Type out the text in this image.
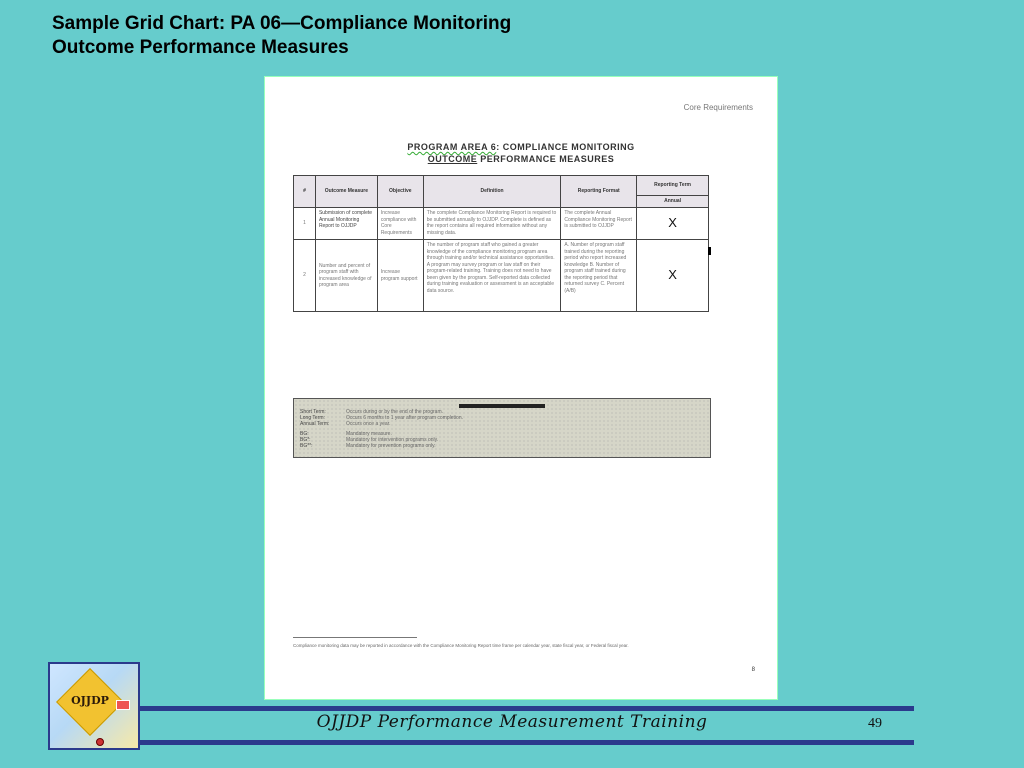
Sample Grid Chart: PA 06—Compliance Monitoring
Outcome Performance Measures
Core Requirements
PROGRAM AREA 6: COMPLIANCE MONITORING
OUTCOME PERFORMANCE MEASURES
#	Outcome Measure	Objective	Definition	Reporting Format	Reporting Term
					Annual
1	Submission of complete Annual Monitoring Report to OJJDP	Increase compliance with Core Requirements	The complete Compliance Monitoring Report is required to be submitted annually to OJJDP. Complete is defined as the report contains all required information without any missing data.	The complete Annual Compliance Monitoring Report is submitted to OJJDP	X
2	Number and percent of program staff with increased knowledge of program area	Increase program support	The number of program staff who gained a greater knowledge of the compliance monitoring program area through training and/or technical assistance opportunities. A program may survey program or law staff on their program-related training. Training does not need to have been given by the program. Self-reported data collected during training evaluation or assessment is an acceptable data source.	A. Number of program staff trained during the reporting period who report increased knowledge B. Number of program staff trained during the reporting period that returned survey C. Percent (A/B)	X
Short Term:	Occurs during or by the end of the program.
Long Term:	Occurs 6 months to 1 year after program completion.
Annual Term:	Occurs once a year.
BG:	Mandatory measure.
BG*:	Mandatory for intervention programs only.
BG**:	Mandatory for prevention programs only.
Compliance monitoring data may be reported in accordance with the Compliance Monitoring Report time frame per calendar year, state fiscal year, or Federal fiscal year.
8
OJJDP
OJJDP Performance Measurement Training	49
